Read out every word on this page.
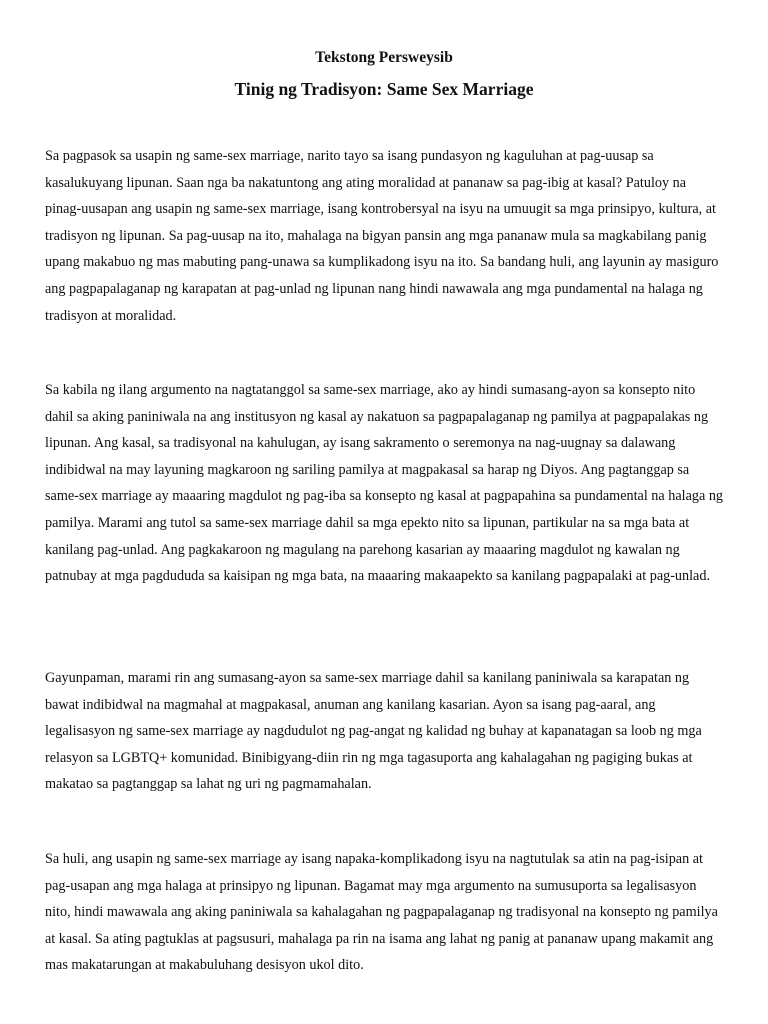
Tekstong Persweysib
Tinig ng Tradisyon: Same Sex Marriage

Sa pagpasok sa usapin ng same-sex marriage, narito tayo sa isang pundasyon ng kaguluhan at pag-uusap sa kasalukuyang lipunan. Saan nga ba nakatuntong ang ating moralidad at pananaw sa pag-ibig at kasal? Patuloy na pinag-uusapan ang usapin ng same-sex marriage, isang kontrobersyal na isyu na umuugit sa mga prinsipyo, kultura, at tradisyon ng lipunan. Sa pag-uusap na ito, mahalaga na bigyan pansin ang mga pananaw mula sa magkabilang panig upang makabuo ng mas mabuting pang-unawa sa kumplikadong isyu na ito. Sa bandang huli, ang layunin ay masiguro ang pagpapalaganap ng karapatan at pag-unlad ng lipunan nang hindi nawawala ang mga pundamental na halaga ng tradisyon at moralidad.

Sa kabila ng ilang argumento na nagtatanggol sa same-sex marriage, ako ay hindi sumasang-ayon sa konsepto nito dahil sa aking paniniwala na ang institusyon ng kasal ay nakatuon sa pagpapalaganap ng pamilya at pagpapalakas ng lipunan. Ang kasal, sa tradisyonal na kahulugan, ay isang sakramento o seremonya na nag-uugnay sa dalawang indibidwal na may layuning magkaroon ng sariling pamilya at magpakasal sa harap ng Diyos. Ang pagtanggap sa same-sex marriage ay maaaring magdulot ng pag-iba sa konsepto ng kasal at pagpapahina sa pundamental na halaga ng pamilya. Marami ang tutol sa same-sex marriage dahil sa mga epekto nito sa lipunan, partikular na sa mga bata at kanilang pag-unlad. Ang pagkakaroon ng magulang na parehong kasarian ay maaaring magdulot ng kawalan ng patnubay at mga pagdududa sa kaisipan ng mga bata, na maaaring makaapekto sa kanilang pagpapalaki at pag-unlad.

Gayunpaman, marami rin ang sumasang-ayon sa same-sex marriage dahil sa kanilang paniniwala sa karapatan ng bawat indibidwal na magmahal at magpakasal, anuman ang kanilang kasarian. Ayon sa isang pag-aaral, ang legalisasyon ng same-sex marriage ay nagdudulot ng pag-angat ng kalidad ng buhay at kapanatagan sa loob ng mga relasyon sa LGBTQ+ komunidad. Binibigyang-diin rin ng mga tagasuporta ang kahalagahan ng pagiging bukas at makatao sa pagtanggap sa lahat ng uri ng pagmamahalan.

Sa huli, ang usapin ng same-sex marriage ay isang napaka-komplikadong isyu na nagtutulak sa atin na pag-isipan at pag-usapan ang mga halaga at prinsipyo ng lipunan. Bagamat may mga argumento na sumusuporta sa legalisasyon nito, hindi mawawala ang aking paniniwala sa kahalagahan ng pagpapalaganap ng tradisyonal na konsepto ng pamilya at kasal. Sa ating pagtuklas at pagsusuri, mahalaga pa rin na isama ang lahat ng panig at pananaw upang makamit ang mas makatarungan at makabuluhang desisyon ukol dito.
